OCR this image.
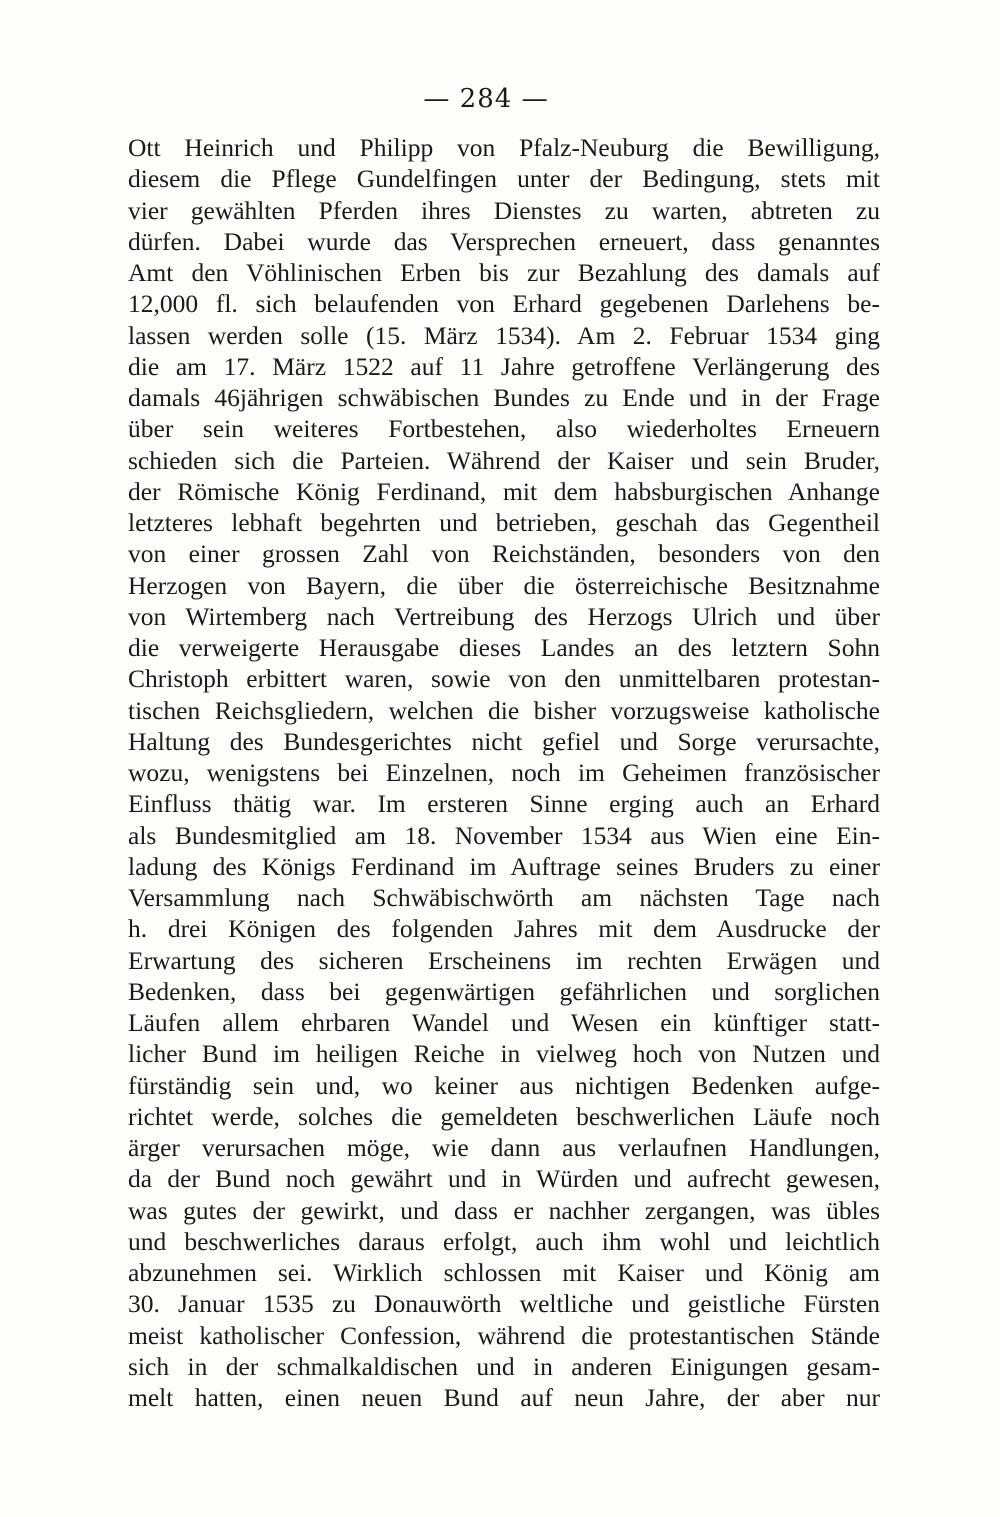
— 284 —
Ott Heinrich und Philipp von Pfalz-Neuburg die Bewilligung,
diesem die Pflege Gundelfingen unter der Bedingung, stets mit
vier gewählten Pferden ihres Dienstes zu warten, abtreten zu
dürfen. Dabei wurde das Versprechen erneuert, dass genanntes
Amt den Vöhlinischen Erben bis zur Bezahlung des damals auf
12,000 fl. sich belaufenden von Erhard gegebenen Darlehens be-
lassen werden solle (15. März 1534). Am 2. Februar 1534 ging
die am 17. März 1522 auf 11 Jahre getroffene Verlängerung des
damals 46jährigen schwäbischen Bundes zu Ende und in der Frage
über sein weiteres Fortbestehen, also wiederholtes Erneuern
schieden sich die Parteien. Während der Kaiser und sein Bruder,
der Römische König Ferdinand, mit dem habsburgischen Anhange
letzteres lebhaft begehrten und betrieben, geschah das Gegentheil
von einer grossen Zahl von Reichständen, besonders von den
Herzogen von Bayern, die über die österreichische Besitznahme
von Wirtemberg nach Vertreibung des Herzogs Ulrich und über
die verweigerte Herausgabe dieses Landes an des letztern Sohn
Christoph erbittert waren, sowie von den unmittelbaren protestan-
tischen Reichsgliedern, welchen die bisher vorzugsweise katholische
Haltung des Bundesgerichtes nicht gefiel und Sorge verursachte,
wozu, wenigstens bei Einzelnen, noch im Geheimen französischer
Einfluss thätig war. Im ersteren Sinne erging auch an Erhard
als Bundesmitglied am 18. November 1534 aus Wien eine Ein-
ladung des Königs Ferdinand im Auftrage seines Bruders zu einer
Versammlung nach Schwäbischwörth am nächsten Tage nach
h. drei Königen des folgenden Jahres mit dem Ausdrucke der
Erwartung des sicheren Erscheinens im rechten Erwägen und
Bedenken, dass bei gegenwärtigen gefährlichen und sorglichen
Läufen allem ehrbaren Wandel und Wesen ein künftiger statt-
licher Bund im heiligen Reiche in vielweg hoch von Nutzen und
fürständig sein und, wo keiner aus nichtigen Bedenken aufge-
richtet werde, solches die gemeldeten beschwerlichen Läufe noch
ärger verursachen möge, wie dann aus verlaufnen Handlungen,
da der Bund noch gewährt und in Würden und aufrecht gewesen,
was gutes der gewirkt, und dass er nachher zergangen, was übles
und beschwerliches daraus erfolgt, auch ihm wohl und leichtlich
abzunehmen sei. Wirklich schlossen mit Kaiser und König am
30. Januar 1535 zu Donauwörth weltliche und geistliche Fürsten
meist katholischer Confession, während die protestantischen Stände
sich in der schmalkaldischen und in anderen Einigungen gesam-
melt hatten, einen neuen Bund auf neun Jahre, der aber nur
